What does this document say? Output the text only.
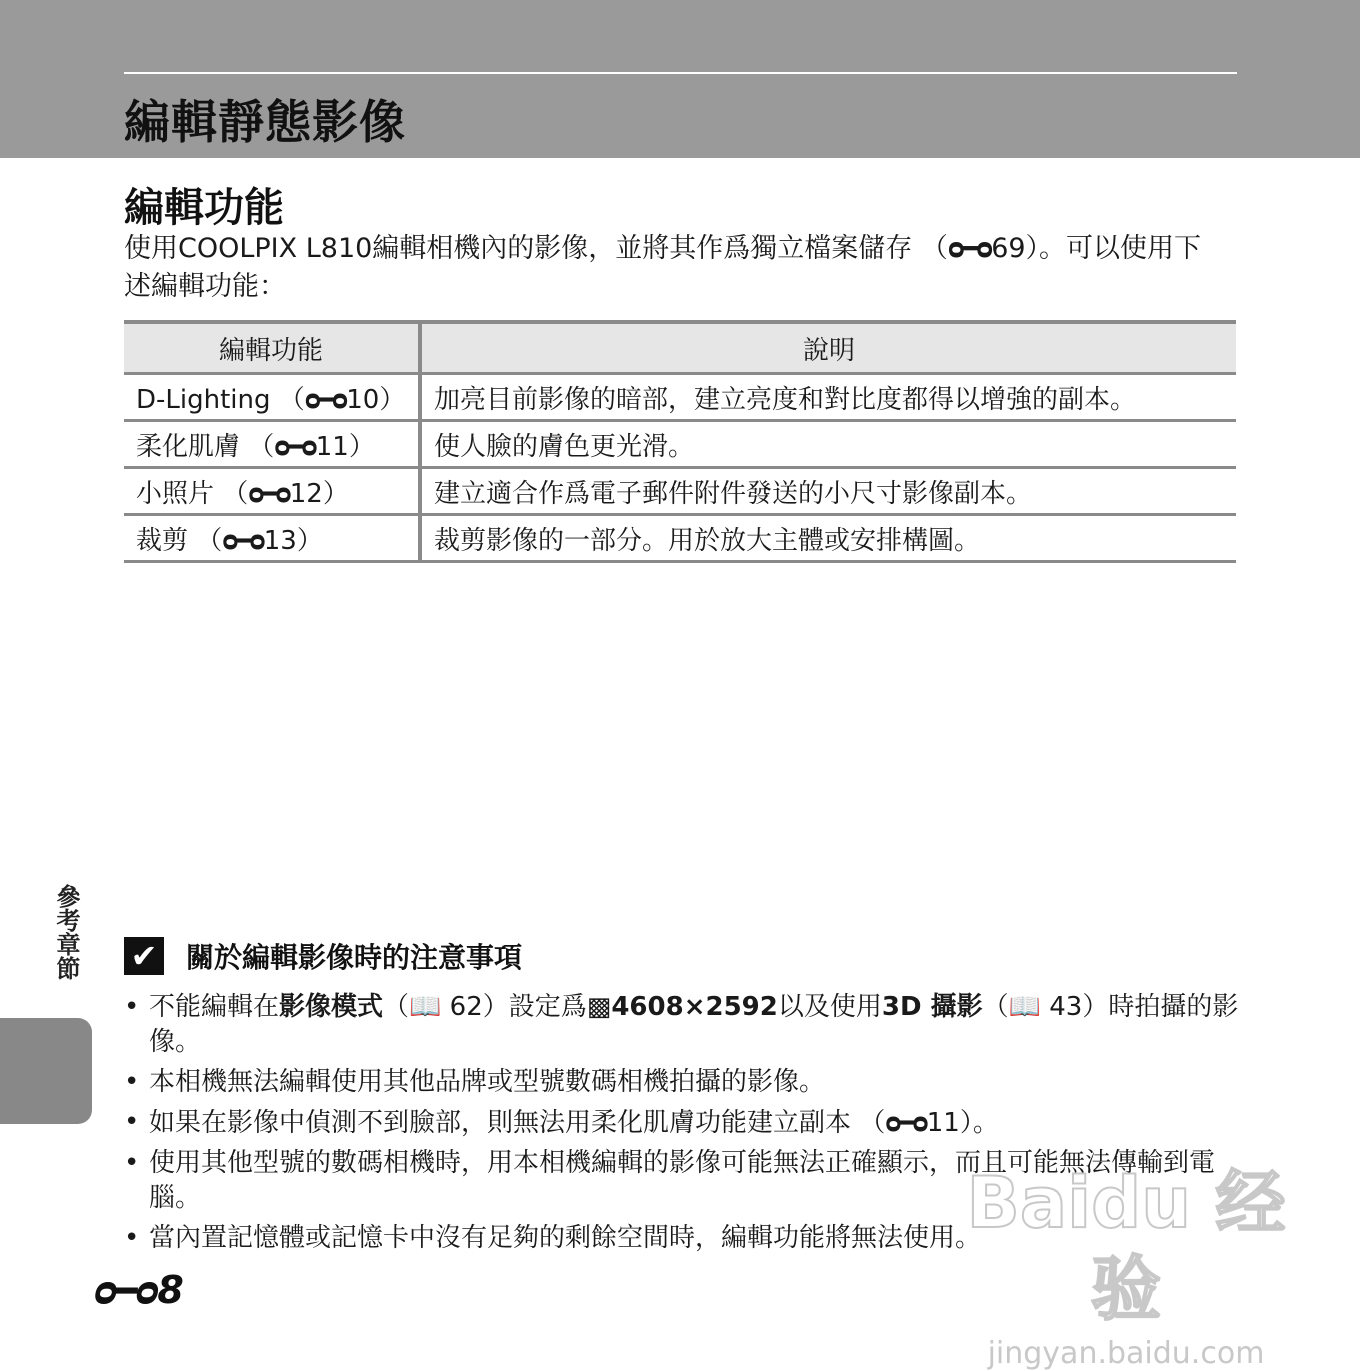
編輯靜態影像
編輯功能
使用COOLPIX L810編輯相機內的影像，並將其作爲獨立檔案儲存 （ᴑ━ᴑ69）。可以使用下述編輯功能：
編輯功能	說明
D-Lighting （ᴑ━ᴑ10）	加亮目前影像的暗部，建立亮度和對比度都得以增強的副本。
柔化肌膚 （ᴑ━ᴑ11）	使人臉的膚色更光滑。
小照片 （ᴑ━ᴑ12）	建立適合作爲電子郵件附件發送的小尺寸影像副本。
裁剪 （ᴑ━ᴑ13）	裁剪影像的一部分。用於放大主體或安排構圖。
參考章節 ✔ 關於編輯影像時的注意事項
• 不能編輯在影像模式（📖 62）設定爲▩4608×2592以及使用3D 攝影（📖 43）時拍攝的影像。
• 本相機無法編輯使用其他品牌或型號數碼相機拍攝的影像。
• 如果在影像中偵測不到臉部，則無法用柔化肌膚功能建立副本 （ᴑ━ᴑ11）。
• 使用其他型號的數碼相機時，用本相機編輯的影像可能無法正確顯示，而且可能無法傳輸到電腦。
• 當內置記憶體或記憶卡中沒有足夠的剩餘空間時，編輯功能將無法使用。
ᴑ━ᴑ8
Baidu 经验
jingyan.baidu.com
